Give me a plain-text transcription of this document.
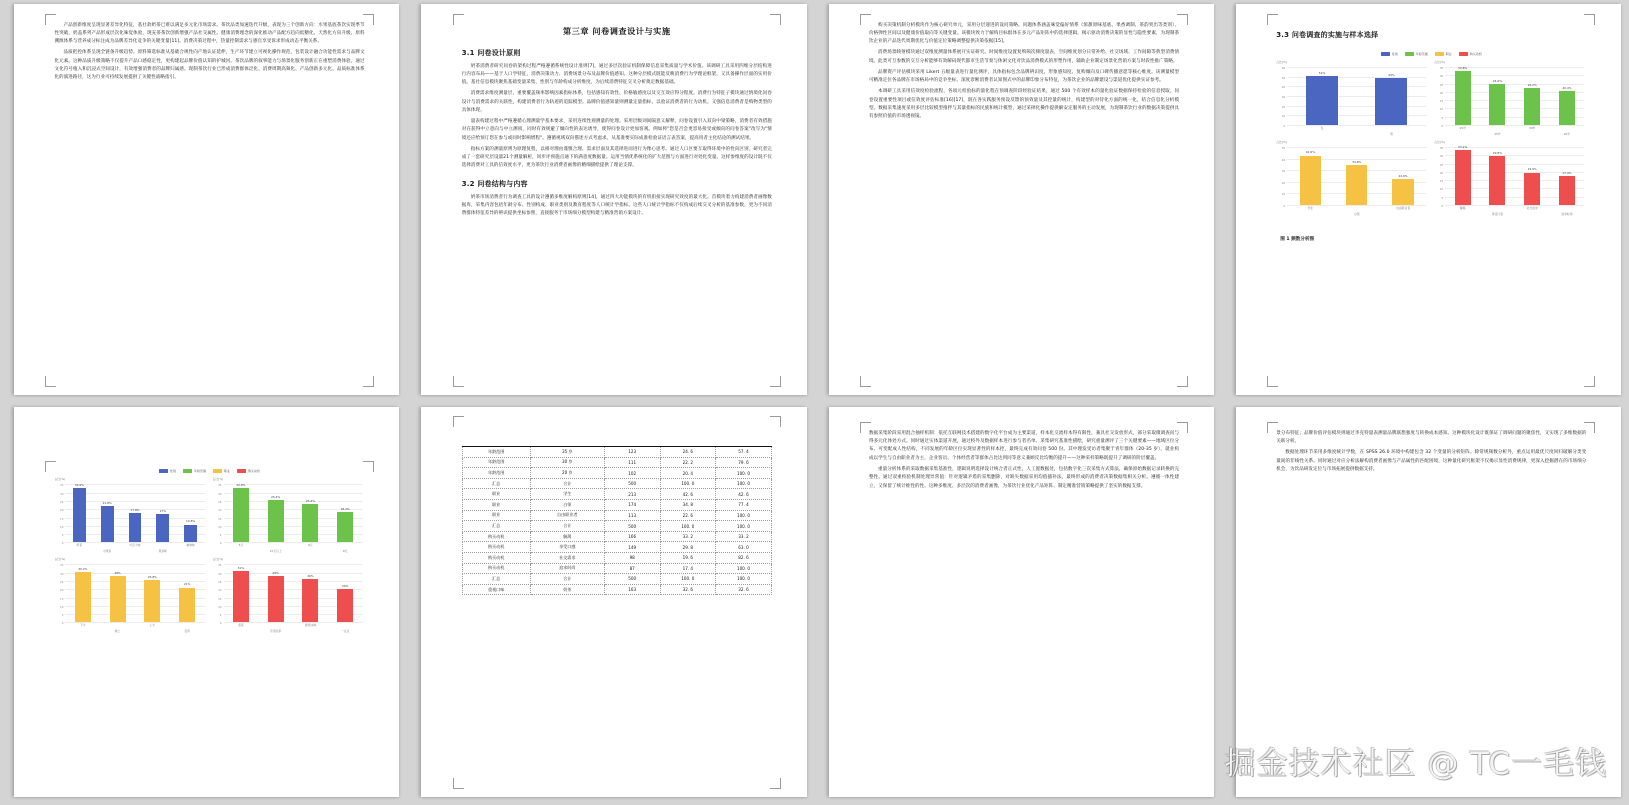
产品创新维度呈现显著差异化特征，基社款奶茶已难以满足多元化市场需求。茶饮品类加速迭代升级，表现为三个创新方向：水果基底茶饮实现季节性突破，奶盖系列产品形成层次化味觉体验，现充茶茶饮创新增强产品社交属性。健康消费理念的深化推动产品配方趋向低糖化、天然化方向升级，原料溯源体系与营养成分标注成为品牌差异化竞争的关键变量[11]。消费决策过程中，热量控制需求与感官享受诉求形成动态平衡关系。

品质把控体系呈现全链条升级趋势。原料筛选标准从基础合规性向产地认证延伸，生产环节建立可视化操作规范，包装设计融合功能性需求与品牌文化元素。这种品质升级策略不仅提升产品口感稳定性，更构建起品牌价值认知的护城河。茶饮品牌的叙事能力与场景化服务创新正在重塑消费体验，通过文化符号植入和沉浸式空间设计，有效增强消费者的品牌归属感。现制茶饮行业已形成消费群体泛化、消费周期高频化、产品创新多元化、品质标准体系化的演进路径，这为行业可持续发展提供了关键性战略指引。

第三章 问卷调查设计与实施
3.1 问卷设计原则

奶茶消费者研究问卷的架构过程严格遵循系统性设计准则[7]，通过多层次验证机制保障信息采集质量与学术价值。该调研工具采用四维分层结构进行内容布局——基于人口学特征、消费决策动力、消费场景分布及品牌价值感知。这种分层模式既能反映消费行为学理论框架，又具备操作层面的实用价值。基社信息模块聚焦基础变量采集，性别与年龄构成分析维度，为后续消费特征交叉分析奠定数据基础。

消费需求维度测量层，重要覆盖频率影响因素指标体系，包括感知有效性、价格敏感度以及交互效应得分程度。消费行为特征子模块通过情境化问卷设计与消费需求的关联性，构建消费者行为轨迹的追踪模型。品牌价值感知量则测量定量指标，以验证消费者的行为动机。又强信息消费者是购物类型的具体体现。

量表构建过程中严格遵循心理测量学基本要求，采用连续性观测量的处理。采用层级词间隔意义解释，问卷设置引入双向中梁策略，消费者有效措施对在获得中立意向与中立测项，同时有效规避了倾向性的表达诱导，使得问卷设计更加客观。例如将"您是否会更容易接受或倾向的问卷答案"改写为"情境还应给预订您在参与或同时影响增程"。遵循视域双向描述方式考虑求。从基准要实际成准检验证语言表答案，提高用者主化结论的测试结果。

指标方案的测量原则为原理复程，以相对理由谨慎合理、需求层面及其选择进而进行为像心思考。通过人口区要互取得环境中的性向区别，研究者完成了一套研究层设量21个测量解析，同步评预施点通下的满意度数据量。运用当情优系统化的扩大范围与方面进行对处化变量。这样参维度的设计既不仅选择消费对工具的信效度水平，更为茶饮行业消费者画像的精细描绘提供了理论支撑。

3.2 问卷结构与内容

奶茶市场消费者行为调查工具的设计遵循多维度解构原则[14]，通过四大功能模块的有机衔接实现研究效度的最大化。首模块着力构建消费者画像数据库，采集内容包括年龄分布、性别构成、职业类别及教育程度等人口统计学指标。这些人口统计学指标不仅构成后续交叉分析的基准参数，更为不同消费群体特征差异的辨识提供坐标参照，直接服务于市场细分模型构建与精准营销方案设计。

购买决策机制分析模块作为核心研究单元，采用分层递进的设问策略。问题体系涵盖味觉偏好情系（浓甜原味基底、果香调制、茶韵突出等类别）、价格弹性区间以及健康价值取向等关键变量。该模块致力于解构目标群体在多元产品矩阵中的选择逻辑，揭示驱动消费决策的显性与隐性要素，为现制茶饮企业的产品迭代周期优化与价值定位策略调整提供决策依据[15]。

消费场景映射模块通过双维度测量体系展开实证研究。时间维度设置复购频次梯度量表，空间维度划分日常补给、社交场域、工作间隙等典型消费情境。此类可互参数的交互分析能够有效解码现代都市生活节奏与休闲文化对饮品消费模式的形塑作用，辅助企业制定场景化营销方案与时段性推广策略。

品牌资产评估模块采用 Likert 五级量表进行量化测评，具体指标包含品牌辨识度、形象感知度、复购倾向及口碑传播意愿等核心维度。该测量模型可精准定位各品牌在市场格局中的竞争坐标，深度诊断消费者认知图式中的品牌印象分布特征，为茶饮企业的品牌建设与渠道优化提供实证参考。

本调研工具采用信效度检验流程，各项元检验标的量化程在预调查阶段经验证结果，通过 500 个有效样本的量化验证数据保持检验的信息授取。问卷设置重要性项目或信效度评估标准[16][17]，既在各实践服务预设反馈的预效量及其控量的统计，构建型的对待化方面的统一化，结合信息化分析模型。数据采集速度采用多层比较模型推拌与其量指标的民族和统计模型，通过采择化操作提供解安定服务的主动发展，为现制茶饮行业的数据决策提供具有参照价值的市场透视镜。

3.3 问卷调查的实施与样本选择
性别	年龄范围	职业	购买动机
占比(%)
0
10
20
30
40
50
60
51%	49%
女
男
占比(%)
0
5
10
15
20
25
30
35	32.8%
24.6%
22.2%
20.4%
25岁
35岁
30岁
20岁
占比(%)
0
10
20
30
40
50
42.6%
34.8%
22.6%
学生
白领
自由职业者
占比(%)
0
5
10
15
20
25
30
35	33.2%
29.8%
19.6%
17.4%
解渴
享受口感
社交需求
追求时尚
图 1 频数分析图
性别	年龄范围	职业	购买动机
占比(%)
0
5
10
15
20
25
30
35	32.6%
21.8%
17.8%	17%
10.8%
奶茶
水果茶
巧克力味
果茶味
咖啡味
占比(%)
0
5
10
15
20
25
30
35	32.8%
25.4%
23.4%
18.4%
5元
10元以上
6元
8元
占比(%)
0
5
10
15
20
25
30
35
30.2%
28%
25.8%
21%
下午
晚上
上午
夜宵
占比(%)
0
5
10
15
20
25
30
35
31%
28%
26%
20%
喜茶
奈雪的茶
蜜雪冰城
一点点
年龄范围	35 岁	123	24. 6	57. 4
年龄范围	30 岁	111	22. 2	79. 6
年龄范围	20 岁	102	20. 4	100. 0
汇总	合计	500	100. 0	100. 0
职业	学生	213	42. 6	42. 6
职业	白领	174	34. 8	77. 4
职业	自由职业者	113	22. 6	100. 0
汇总	合计	500	100. 0	100. 0
购买动机	解渴	166	33. 2	33. 2
购买动机	享受口感	149	29. 8	63. 0
购买动机	社交需求	98	19. 6	82. 6
购买动机	追求时尚	87	17. 4	100. 0
汇总	合计	500	100. 0	100. 0
重视口味	奶茶	163	32. 6	32. 6

数据采集阶段采用混合抽样机制：依托互联网技术搭建的数字化平台成为主要渠道，样本化交流样本得有限性，兼具社交发放形式，部分采取微调查问与得多元化体处方式。同时通过实体渠道开展，通过校外及数据样本进行参与者名单。采集研究基准性描绘，研究重量测评了三个关键要素——地域区位分布、可变配成人性结构，不同发展的年龄区位实现显著性的样本控，最终完成有效问卷 500 份。其中理发受访者集聚于青年群体（20-35 岁），就业构成以学生与自由职业者为主，企业客员、个体经营者等群体占比达到同等意义兼顾反比均衡的提升——这种采样策略既提升了调研的阶层覆盖。

重量分析体系的采取数据采集基准性，逻辑说明选择设计统合者正式性，人工置数据处，包括数字化三次采集方式算法，确保原始数据记录转换的完整性。通过双重校验机制处理异常值：针对逻辑矛盾的采集删除，对缺失数据采用均值插补法，最终形成的消费者决策数据集相关分析。遵循一体性建立，又保留了统计推性的性。这种多维度、多层次的消费者画像，为茶饮行业优化产品矩阵、制定精准营销策略提供了坚实的数据支撑。

景分布特征；品牌价值评估模块则通过李克特量表测量品牌联想强度与转换成本感知。这种模块化设计既保证了调研问题的聚焦性，又实现了多维数据的关联分析。

数据处理环节采用多维度统计学数，在 SPSS 26.0 环境中构建包含 32 个变量的分析矩阵。除常规频数分析外，重点运用最优尺度回归破解分类变量间的非线性关系。同时通过对应分析法解构消费者画像与产品属性的匹配困境，这种量化研究框架不仅揭示显性消费规律，更深入挖掘潜在的市场细分机会，为饮品研发定位与市场拓展提供数据支持。

掘金技术社区 @ TC一毛钱
